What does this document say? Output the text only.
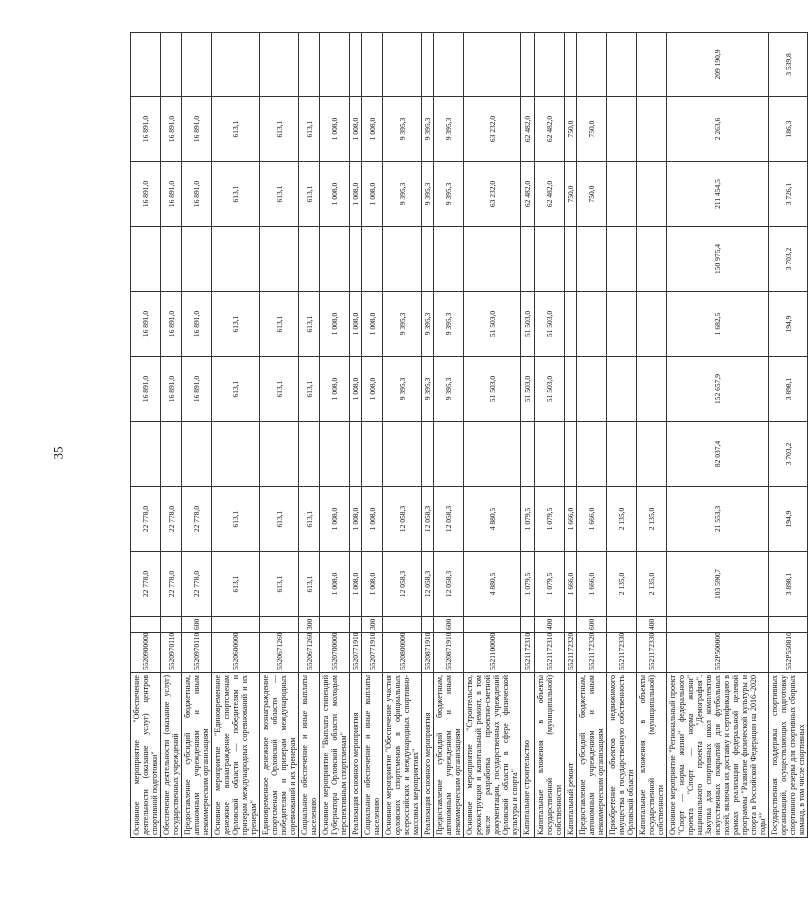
35
Основное мероприятие "Обеспечение деятельности (оказание услуг) центров спортивной подготовки"	5520900000		22 778,0	22 778,0		16 891,0	16 891,0		16 891,0	16 891,0	
Обеспечение деятельности (оказание услуг) государственных учреждений	5520970110		22 778,0	22 778,0		16 891,0	16 891,0		16 891,0	16 891,0	
Предоставление субсидий бюджетным, автономным учреждениям и иным некоммерческим организациям	5520970110	600	22 778,0	22 778,0		16 891,0	16 891,0		16 891,0	16 891,0	
Основное мероприятие "Единовременное денежное вознаграждение спортсменам Орловской области — победителям и призерам международных соревнований и их тренерам"	5520600000		613,1	613,1		613,1	613,1		613,1	613,1	
Единовременное денежное вознаграждение спортсменам Орловской области — победителям и призерам международных соревнований и их тренерам	5520671260		613,1	613,1		613,1	613,1		613,1	613,1	
Социальное обеспечение и иные выплаты населению	5520671260	300	613,1	613,1		613,1	613,1		613,1	613,1	
Основное мероприятие "Выплата стипендий Губернатора Орловской области молодым перспективным спортсменам"	5520700000		1 008,0	1 008,0		1 008,0	1 008,0		1 008,0	1 008,0	
Реализация основного мероприятия	5520771910		1 008,0	1 008,0		1 008,0	1 008,0		1 008,0	1 008,0	
Социальное обеспечение и иные выплаты населению	5520771910	300	1 008,0	1 008,0		1 008,0	1 008,0		1 008,0	1 008,0	
Основное мероприятие "Обеспечение участия орловских спортсменов в официальных всероссийских и международных спортивно-массовых мероприятиях"	5520800000		12 058,3	12 058,3		9 395,3	9 395,3		9 395,3	9 395,3	
Реализация основного мероприятия	5520871910		12 058,3	12 058,3		9 395,3	9 395,3		9 395,3	9 395,3	
Предоставление субсидий бюджетным, автономным учреждениям и иным некоммерческим организациям	5520871910	600	12 058,3	12 058,3		9 395,3	9 395,3		9 395,3	9 395,3	
Основное мероприятие "Строительство, реконструкция и капитальный ремонт, в том числе разработка проектно-сметной документации, государственных учреждений Орловской области в сфере физической культуры и спорта"	5521100000		4 880,5	4 880,5		51 503,0	51 503,0		63 232,0	63 232,0	
Капитальное строительство	5521172310		1 079,5	1 079,5		51 503,0	51 503,0		62 482,0	62 482,0	
Капитальные вложения в объекты государственной (муниципальной) собственности	5521172310	400	1 079,5	1 079,5		51 503,0	51 503,0		62 482,0	62 482,0	
Капитальный ремонт	5521172320		1 666,0	1 666,0					750,0	750,0	
Предоставление субсидий бюджетным, автономным учреждениям и иным некоммерческим организациям	5521172320	600	1 666,0	1 666,0					750,0	750,0	
Приобретение объектов недвижимого имущества в государственную собственность Орловской области	5521172330		2 135,0	2 135,0							
Капитальные вложения в объекты государственной (муниципальной) собственности	5521172330	400	2 135,0	2 135,0							
Основное мероприятие "Региональный проект "Спорт — норма жизни" федерального проекта "Спорт — норма жизни" национального проекта "Демография". Закупка для спортивных школ комплектов искусственных покрытий для футбольных полей, включая их доставку и сертификацию в рамках реализации федеральной целевой программы "Развитие физической культуры и спорта в Российской Федерации на 2016–2020 годы""	552P500000		103 590,7	21 553,3	82 037,4	152 657,9	1 682,5	150 975,4	211 454,5	2 263,6	209 190,9
Государственная поддержка спортивных организаций, осуществляющих подготовку спортивного резерва для спортивных сборных команд, в том числе спортивных	552P550810		3 898,1	194,9	3 703,2	3 898,1	194,9	3 703,2	3 726,1	186,3	3 539,8
